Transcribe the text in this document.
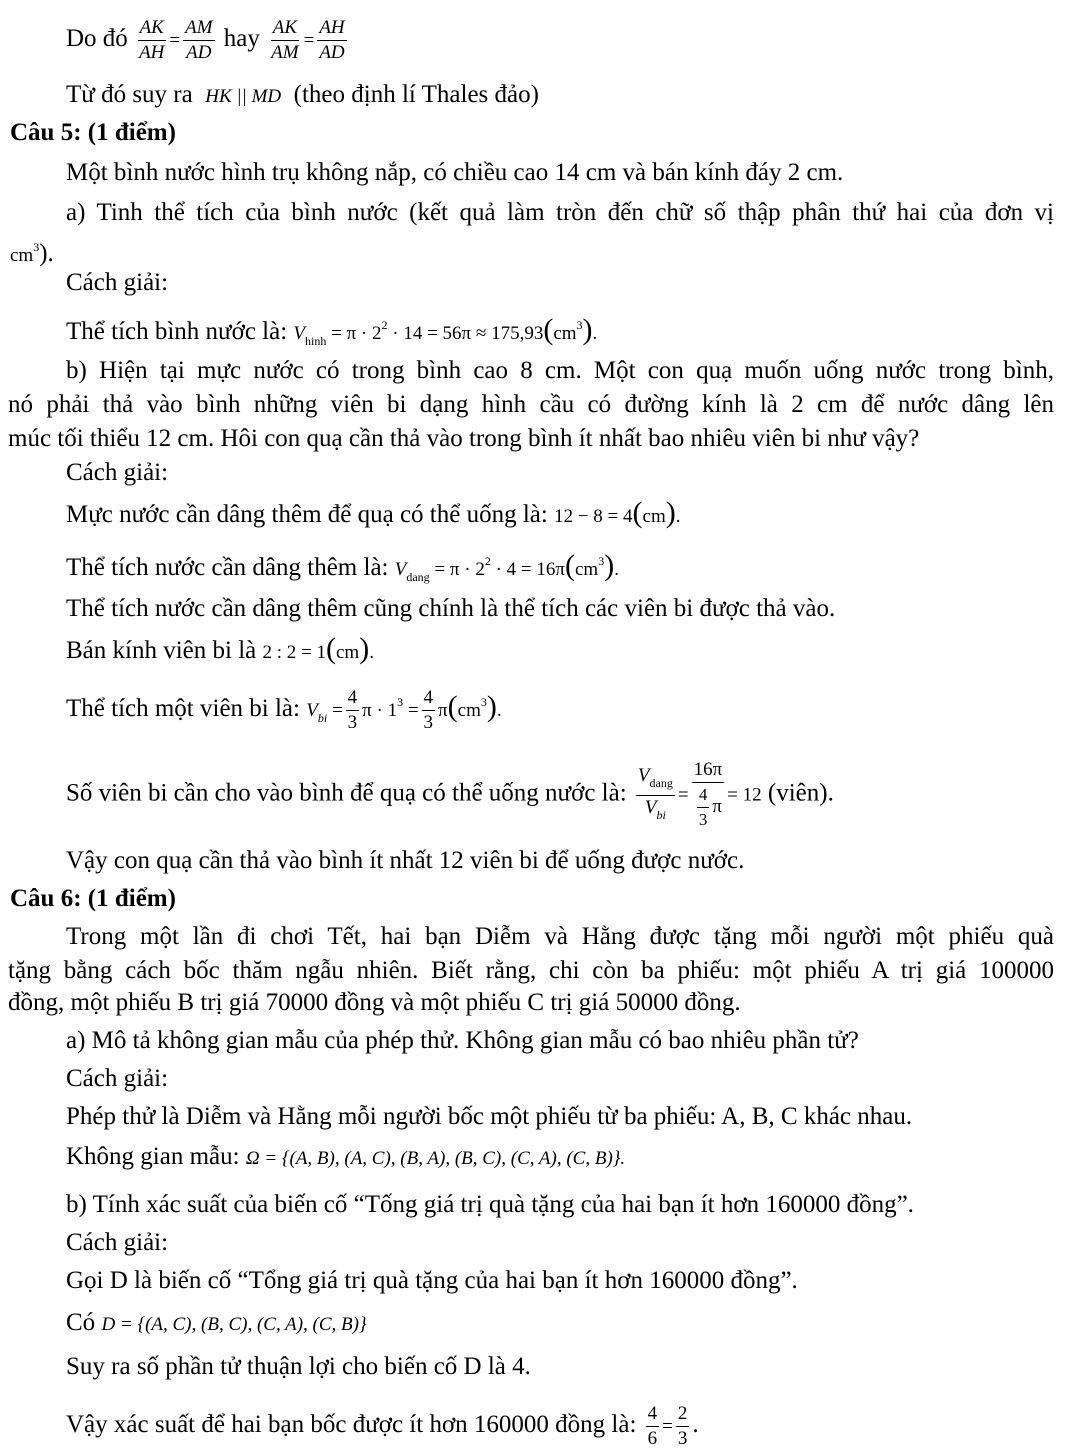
Do đó $\frac{AK}{AH} = \frac{AM}{AD}$ hay $\frac{AK}{AM} = \frac{AH}{AD}$
Từ đó suy ra HK || MD (theo định lí Thales đảo)
Câu 5: (1 điểm)
Một bình nước hình trụ không nắp, có chiều cao 14 cm và bán kính đáy 2 cm.
a) Tinh thể tích của bình nước (kết quả làm tròn đến chữ số thập phân thứ hai của đơn vị
$cm^3$).
Cách giải:
Thể tích bình nước là: $V_{hinh} = \pi \cdot 2^2 \cdot 14 = 56\pi \approx 175,93(cm^3)$.
b) Hiện tại mực nước có trong bình cao 8 cm. Một con quạ muốn uống nước trong bình,
nó phải thả vào bình những viên bi dạng hình cầu có đường kính là 2 cm để nước dâng lên
múc tối thiểu 12 cm. Hôi con quạ cần thả vào trong bình ít nhất bao nhiêu viên bi như vậy?
Cách giải:
Mực nước cần dâng thêm để quạ có thể uống là: 12 − 8 = 4(cm).
Thể tích nước cần dâng thêm là: $V_{dang} = \pi \cdot 2^2 \cdot 4 = 16\pi(cm^3)$.
Thể tích nước cần dâng thêm cũng chính là thể tích các viên bi được thả vào.
Bán kính viên bi là 2 : 2 = 1(cm).
Thể tích một viên bi là: $V_{bi} = \frac{4}{3}$ $\pi \cdot 1^3 = \frac{4}{3} \pi(cm^3)$.
Số viên bi cần cho vào bình để quạ có thể uống nước là: $\frac{V_{dang}}{V_{bi}} = \frac{16\pi}{\frac{4}{3} \pi} = 12$ (viên).
Vậy con quạ cần thả vào bình ít nhất 12 viên bi để uống được nước.
Câu 6: (1 điểm)
Trong một lần đi chơi Tết, hai bạn Diễm và Hằng được tặng mỗi người một phiếu quà
tặng bằng cách bốc thăm ngẫu nhiên. Biết rằng, chi còn ba phiếu: một phiếu A trị giá 100000
đồng, một phiếu B trị giá 70000 đồng và một phiếu C trị giá 50000 đồng.
a) Mô tả không gian mẫu của phép thử. Không gian mẫu có bao nhiêu phần tử?
Cách giải:
Phép thử là Diễm và Hằng mỗi người bốc một phiếu từ ba phiếu: A, B, C khác nhau.
Không gian mẫu: Ω = {(A, B), (A, C), (B, A), (B, C), (C, A), (C, B)}.
b) Tính xác suất của biến cố “Tống giá trị quà tặng của hai bạn ít hơn 160000 đồng”.
Cách giải:
Gọi D là biến cố “Tổng giá trị quà tặng của hai bạn ít hơn 160000 đồng”.
Có D = {(A, C), (B, C), (C, A), (C, B)}
Suy ra số phần tử thuận lợi cho biến cố D là 4.
Vậy xác suất để hai bạn bốc được ít hơn 160000 đồng là: $\frac{4}{6} = \frac{2}{3}$ .
